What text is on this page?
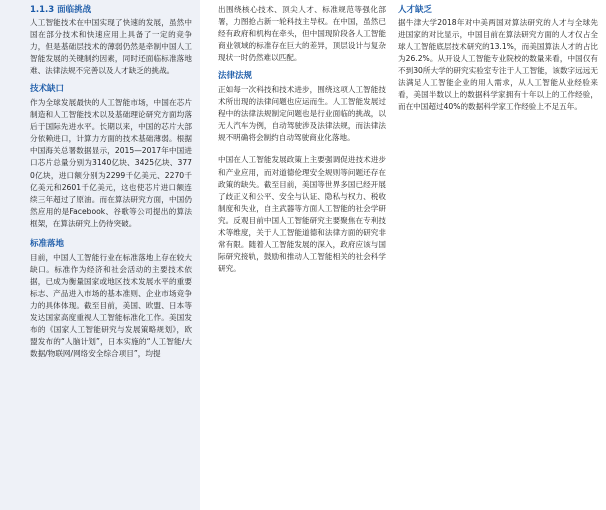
1.1.3 面临挑战

人工智能技术在中国实现了快速的发展，虽然中国在部分技术和快速应用上具备了一定的竞争力，但是基础层技术的薄弱仍然是牵制中国人工智能发展的关键制约因素，同时还面临标准落地难、法律法规不完善以及人才缺乏的挑战。

技术缺口

作为全球发展最快的人工智能市场，中国在芯片制造和人工智能技术以及基础理论研究方面均落后于国际先进水平。长期以来，中国的芯片大部分依赖进口，计算力方面的技术基础薄弱。根据中国海关总署数据显示，2015—2017年中国进口芯片总量分别为3140亿块、3425亿块、3770亿块，进口额分别为2299千亿美元、2270千亿美元和2601千亿美元，这也使芯片进口额连续三年超过了原油。而在算法研究方面，中国仍然应用的是Facebook、谷歌等公司提出的算法框架，在算法研究上仍待突破。

标准落地

目前，中国人工智能行业在标准落地上存在较大缺口。标准作为经济和社会活动的主要技术依据，已成为衡量国家或地区技术发展水平的重要标志、产品进入市场的基本准则、企业市场竞争力的具体体现。截至目前，美国、欧盟、日本等发达国家高度重视人工智能标准化工作。美国发布的《国家人工智能研究与发展策略规划》，欧盟发布的“人脑计划”，日本实施的“人工智能/大数据/物联网/网络安全综合项目”，均提

出围绕核心技术、顶尖人才、标准规范等强化部署，力图抢占新一轮科技主导权。在中国，虽然已经有政府和机构在牵头，但中国现阶段各人工智能商业领域的标准存在巨大的差异，顶层设计与复杂现状一时仍然难以匹配。

法律法规

正如每一次科技和技术进步，围绕这项人工智能技术所出现的法律问题也应运而生。人工智能发展过程中的法律法规制定问题也是行业面临的挑战，以无人汽车为例，自动驾驶涉及法律法规，而法律法规不明确将会制约自动驾驶商业化落地。

中国在人工智能发展政策上主要强调促进技术进步和产业应用，而对道德伦理安全规则等问题还存在政策的缺失。截至目前，美国等世界多国已经开展了歧正义和公平、安全与认证、隐私与权力、税收制度和失业，自主武器等方面人工智能的社会学研究。反观目前中国人工智能研究主要聚焦在专利技术等维度，关于人工智能道德和法律方面的研究非常有限。随着人工智能发展的深入，政府应该与国际研究接轨，鼓励和推动人工智能相关的社会科学研究。

人才缺乏

据牛津大学2018年对中美两国对算法研究的人才与全球先进国家的对比显示，中国目前在算法研究方面的人才仅占全球人工智能底层技术研究的13.1%，而美国算法人才的占比为26.2%。从开设人工智能专业院校的数量来看，中国仅有不到30所大学的研究实验室专注于人工智能，该数字远远无法满足人工智能企业的用人需求，从人工智能从业经验来看，美国半数以上的数据科学家拥有十年以上的工作经验，而在中国超过40%的数据科学家工作经验上不足五年。
